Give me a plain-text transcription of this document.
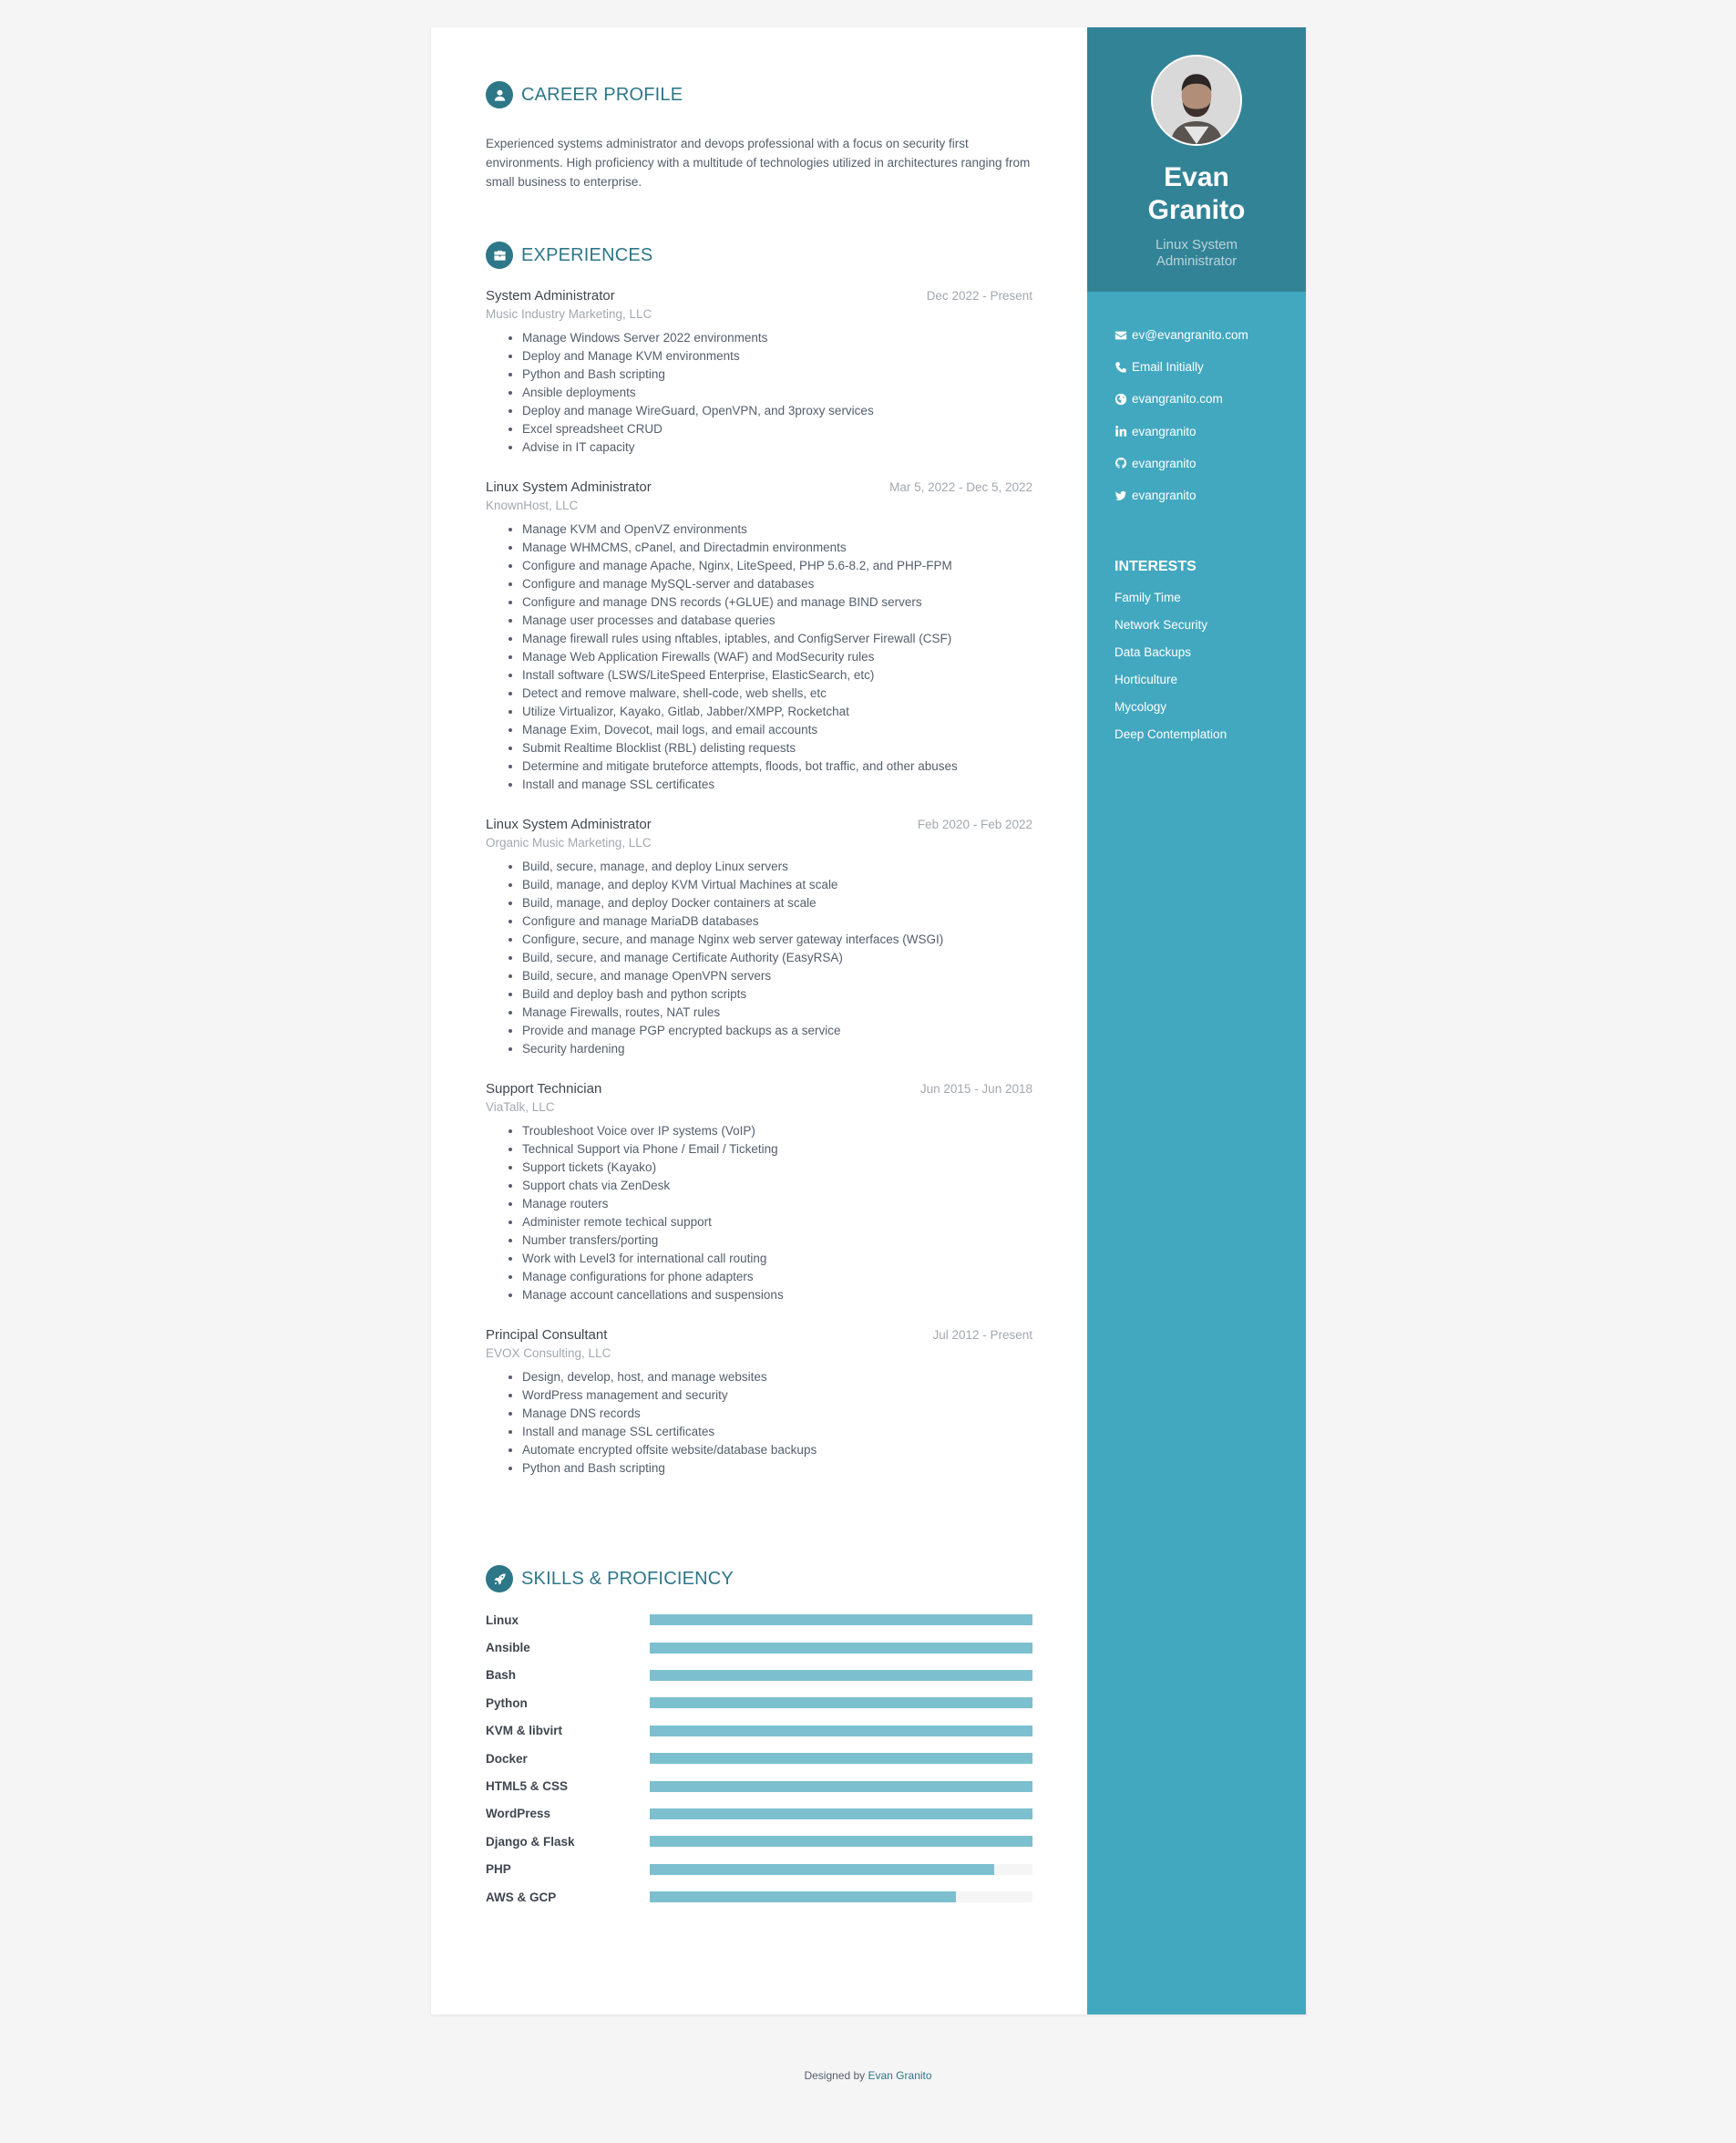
CAREER PROFILE

Experienced systems administrator and devops professional with a focus on security first environments. High proficiency with a multitude of technologies utilized in architectures ranging from small business to enterprise.

EXPERIENCES
System Administrator	Dec 2022 - Present
Music Industry Marketing, LLC
• Manage Windows Server 2022 environments
• Deploy and Manage KVM environments
• Python and Bash scripting
• Ansible deployments
• Deploy and manage WireGuard, OpenVPN, and 3proxy services
• Excel spreadsheet CRUD
• Advise in IT capacity
Linux System Administrator	Mar 5, 2022 - Dec 5, 2022
KnownHost, LLC
• Manage KVM and OpenVZ environments
• Manage WHMCMS, cPanel, and Directadmin environments
• Configure and manage Apache, Nginx, LiteSpeed, PHP 5.6-8.2, and PHP-FPM
• Configure and manage MySQL-server and databases
• Configure and manage DNS records (+GLUE) and manage BIND servers
• Manage user processes and database queries
• Manage firewall rules using nftables, iptables, and ConfigServer Firewall (CSF)
• Manage Web Application Firewalls (WAF) and ModSecurity rules
• Install software (LSWS/LiteSpeed Enterprise, ElasticSearch, etc)
• Detect and remove malware, shell-code, web shells, etc
• Utilize Virtualizor, Kayako, Gitlab, Jabber/XMPP, Rocketchat
• Manage Exim, Dovecot, mail logs, and email accounts
• Submit Realtime Blocklist (RBL) delisting requests
• Determine and mitigate bruteforce attempts, floods, bot traffic, and other abuses
• Install and manage SSL certificates
Linux System Administrator	Feb 2020 - Feb 2022
Organic Music Marketing, LLC
• Build, secure, manage, and deploy Linux servers
• Build, manage, and deploy KVM Virtual Machines at scale
• Build, manage, and deploy Docker containers at scale
• Configure and manage MariaDB databases
• Configure, secure, and manage Nginx web server gateway interfaces (WSGI)
• Build, secure, and manage Certificate Authority (EasyRSA)
• Build, secure, and manage OpenVPN servers
• Build and deploy bash and python scripts
• Manage Firewalls, routes, NAT rules
• Provide and manage PGP encrypted backups as a service
• Security hardening
Support Technician	Jun 2015 - Jun 2018
ViaTalk, LLC
• Troubleshoot Voice over IP systems (VoIP)
• Technical Support via Phone / Email / Ticketing
• Support tickets (Kayako)
• Support chats via ZenDesk
• Manage routers
• Administer remote techical support
• Number transfers/porting
• Work with Level3 for international call routing
• Manage configurations for phone adapters
• Manage account cancellations and suspensions
Principal Consultant	Jul 2012 - Present
EVOX Consulting, LLC
• Design, develop, host, and manage websites
• WordPress management and security
• Manage DNS records
• Install and manage SSL certificates
• Automate encrypted offsite website/database backups
• Python and Bash scripting
SKILLS & PROFICIENCY
Linux
Ansible
Bash
Python
KVM & libvirt
Docker
HTML5 & CSS
WordPress
Django & Flask
PHP
AWS & GCP
Evan
Granito
Linux System Administrator
ev@evangranito.com
Email Initially
evangranito.com
evangranito
evangranito
evangranito
INTERESTS
Family Time
Network Security
Data Backups
Horticulture
Mycology
Deep Contemplation
Designed by Evan Granito
